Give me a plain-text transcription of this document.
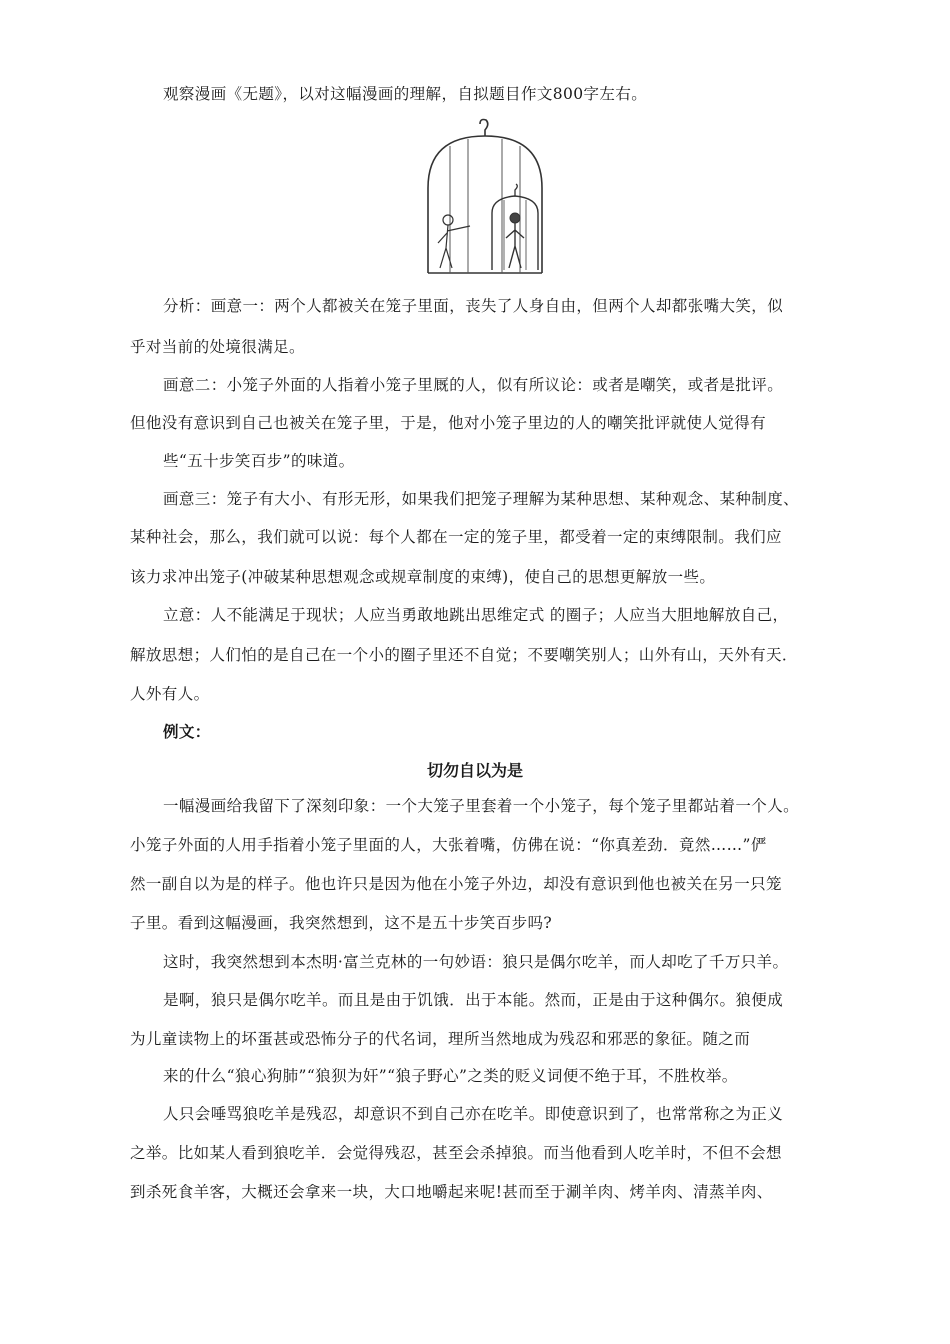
观察漫画《无题》，以对这幅漫画的理解，自拟题目作文800字左右。
分析：画意一：两个人都被关在笼子里面，丧失了人身自由，但两个人却都张嘴大笑，似
乎对当前的处境很满足。
画意二：小笼子外面的人指着小笼子里厩的人，似有所议论：或者是嘲笑，或者是批评。
但他没有意识到自己也被关在笼子里，于是，他对小笼子里边的人的嘲笑批评就使人觉得有
些“五十步笑百步”的味道。
画意三：笼子有大小、有形无形，如果我们把笼子理解为某种思想、某种观念、某种制度、
某种社会，那么，我们就可以说：每个人都在一定的笼子里，都受着一定的束缚限制。我们应
该力求冲出笼子(冲破某种思想观念或规章制度的束缚)，使自己的思想更解放一些。
立意：人不能满足于现状；人应当勇敢地跳出思维定式 的圈子；人应当大胆地解放自己，
解放思想；人们怕的是自己在一个小的圈子里还不自觉；不要嘲笑别人；山外有山，天外有天．
人外有人。
例文：
切勿自以为是
一幅漫画给我留下了深刻印象：一个大笼子里套着一个小笼子，每个笼子里都站着一个人。
小笼子外面的人用手指着小笼子里面的人，大张着嘴，仿佛在说：“你真差劲．竟然……”俨
然一副自以为是的样子。他也许只是因为他在小笼子外边，却没有意识到他也被关在另一只笼
子里。看到这幅漫画，我突然想到，这不是五十步笑百步吗?
这时，我突然想到本杰明·富兰克林的一句妙语：狼只是偶尔吃羊，而人却吃了千万只羊。
是啊，狼只是偶尔吃羊。而且是由于饥饿．出于本能。然而，正是由于这种偶尔。狼便成
为儿童读物上的坏蛋甚或恐怖分子的代名词，理所当然地成为残忍和邪恶的象征。随之而
来的什么“狼心狗肺”“狼狈为奸”“狼子野心”之类的贬义词便不绝于耳，不胜枚举。
人只会唾骂狼吃羊是残忍，却意识不到自己亦在吃羊。即使意识到了，也常常称之为正义
之举。比如某人看到狼吃羊．会觉得残忍，甚至会杀掉狼。而当他看到人吃羊时，不但不会想
到杀死食羊客，大概还会拿来一块，大口地嚼起来呢!甚而至于涮羊肉、烤羊肉、清蒸羊肉、
